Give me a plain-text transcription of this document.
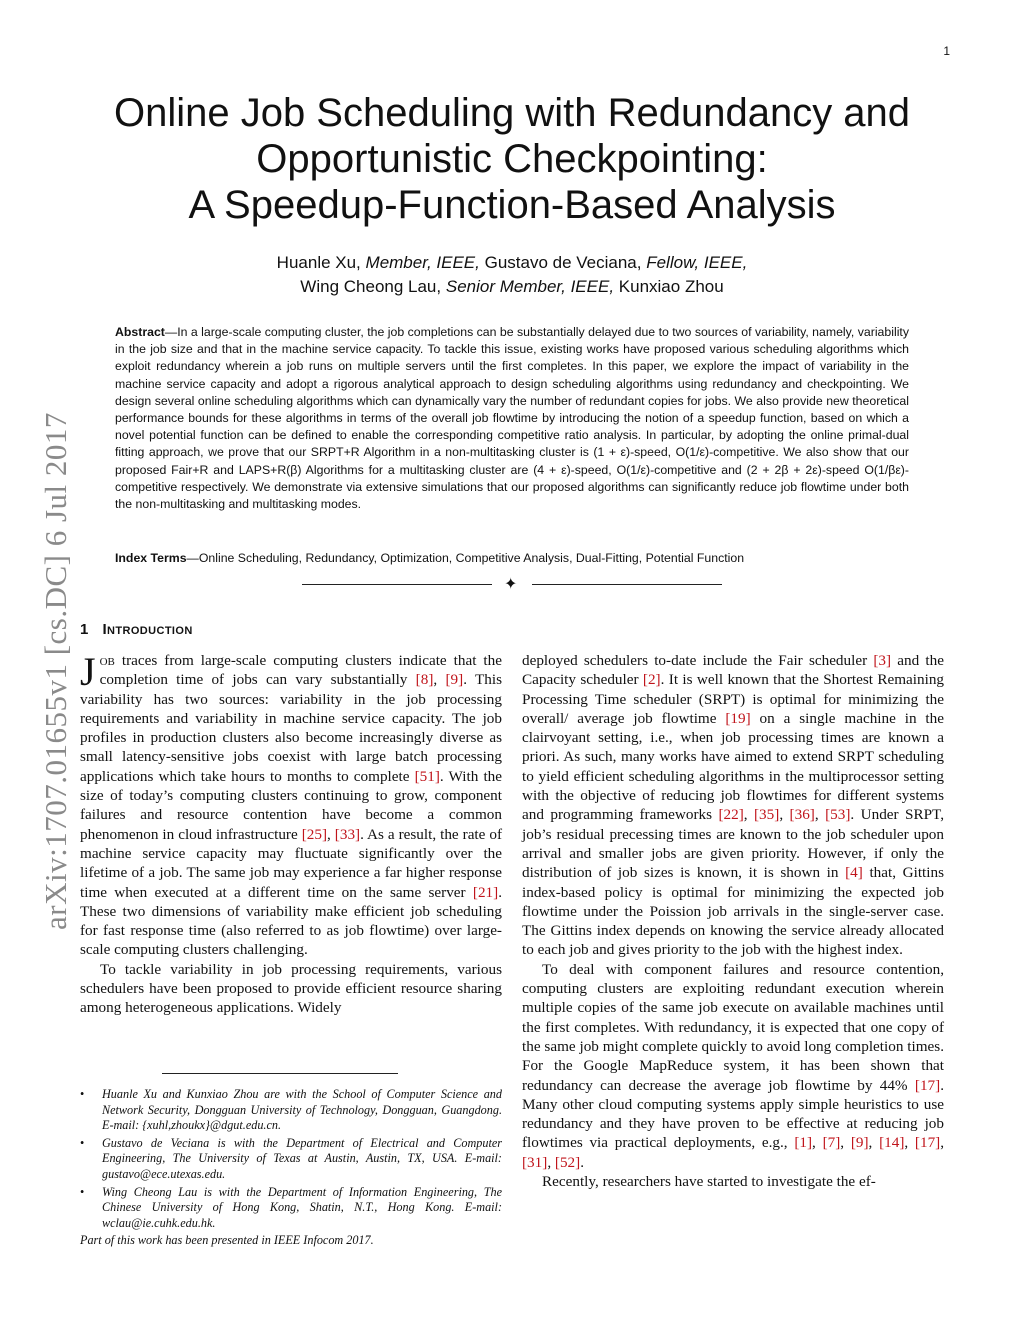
1
arXiv:1707.01655v1 [cs.DC] 6 Jul 2017
Online Job Scheduling with Redundancy and
Opportunistic Checkpointing:
A Speedup-Function-Based Analysis
Huanle Xu, Member, IEEE, Gustavo de Veciana, Fellow, IEEE,
Wing Cheong Lau, Senior Member, IEEE, Kunxiao Zhou
Abstract—In a large-scale computing cluster, the job completions can be substantially delayed due to two sources of variability, namely, variability in the job size and that in the machine service capacity. To tackle this issue, existing works have proposed various scheduling algorithms which exploit redundancy wherein a job runs on multiple servers until the first completes. In this paper, we explore the impact of variability in the machine service capacity and adopt a rigorous analytical approach to design scheduling algorithms using redundancy and checkpointing. We design several online scheduling algorithms which can dynamically vary the number of redundant copies for jobs. We also provide new theoretical performance bounds for these algorithms in terms of the overall job flowtime by introducing the notion of a speedup function, based on which a novel potential function can be defined to enable the corresponding competitive ratio analysis. In particular, by adopting the online primal-dual fitting approach, we prove that our SRPT+R Algorithm in a non-multitasking cluster is (1 + ε)-speed, O(1/ε)-competitive. We also show that our proposed Fair+R and LAPS+R(β) Algorithms for a multitasking cluster are (4 + ε)-speed, O(1/ε)-competitive and (2 + 2β + 2ε)-speed O(1/βε)-competitive respectively. We demonstrate via extensive simulations that our proposed algorithms can significantly reduce job flowtime under both the non-multitasking and multitasking modes.
Index Terms—Online Scheduling, Redundancy, Optimization, Competitive Analysis, Dual-Fitting, Potential Function
✦
1 Introduction

Job traces from large-scale computing clusters indicate that the completion time of jobs can vary substantially [8], [9]. This variability has two sources: variability in the job processing requirements and variability in machine service capacity. The job profiles in production clusters also become increasingly diverse as small latency-sensitive jobs coexist with large batch processing applications which take hours to months to complete [51]. With the size of today’s computing clusters continuing to grow, component failures and resource contention have become a common phenomenon in cloud infrastructure [25], [33]. As a result, the rate of machine service capacity may fluctuate significantly over the lifetime of a job. The same job may experience a far higher response time when executed at a different time on the same server [21]. These two dimensions of variability make efficient job scheduling for fast response time (also referred to as job flowtime) over large-scale computing clusters challenging.

To tackle variability in job processing requirements, various schedulers have been proposed to provide efficient resource sharing among heterogeneous applications. Widely

deployed schedulers to-date include the Fair scheduler [3] and the Capacity scheduler [2]. It is well known that the Shortest Remaining Processing Time scheduler (SRPT) is optimal for minimizing the overall/ average job flowtime [19] on a single machine in the clairvoyant setting, i.e., when job processing times are known a priori. As such, many works have aimed to extend SRPT scheduling to yield efficient scheduling algorithms in the multiprocessor setting with the objective of reducing job flowtimes for different systems and programming frameworks [22], [35], [36], [53]. Under SRPT, job’s residual precessing times are known to the job scheduler upon arrival and smaller jobs are given priority. However, if only the distribution of job sizes is known, it is shown in [4] that, Gittins index-based policy is optimal for minimizing the expected job flowtime under the Poission job arrivals in the single-server case. The Gittins index depends on knowing the service already allocated to each job and gives priority to the job with the highest index.

To deal with component failures and resource contention, computing clusters are exploiting redundant execution wherein multiple copies of the same job execute on available machines until the first completes. With redundancy, it is expected that one copy of the same job might complete quickly to avoid long completion times. For the Google MapReduce system, it has been shown that redundancy can decrease the average job flowtime by 44% [17]. Many other cloud computing systems apply simple heuristics to use redundancy and they have proven to be effective at reducing job flowtimes via practical deployments, e.g., [1], [7], [9], [14], [17], [31], [52].

Recently, researchers have started to investigate the ef-

• Huanle Xu and Kunxiao Zhou are with the School of Computer Science and Network Security, Dongguan University of Technology, Dongguan, Guangdong. E-mail: {xuhl,zhoukx}@dgut.edu.cn.
• Gustavo de Veciana is with the Department of Electrical and Computer Engineering, The University of Texas at Austin, Austin, TX, USA. E-mail: gustavo@ece.utexas.edu.
• Wing Cheong Lau is with the Department of Information Engineering, The Chinese University of Hong Kong, Shatin, N.T., Hong Kong. E-mail: wclau@ie.cuhk.edu.hk.
Part of this work has been presented in IEEE Infocom 2017.
